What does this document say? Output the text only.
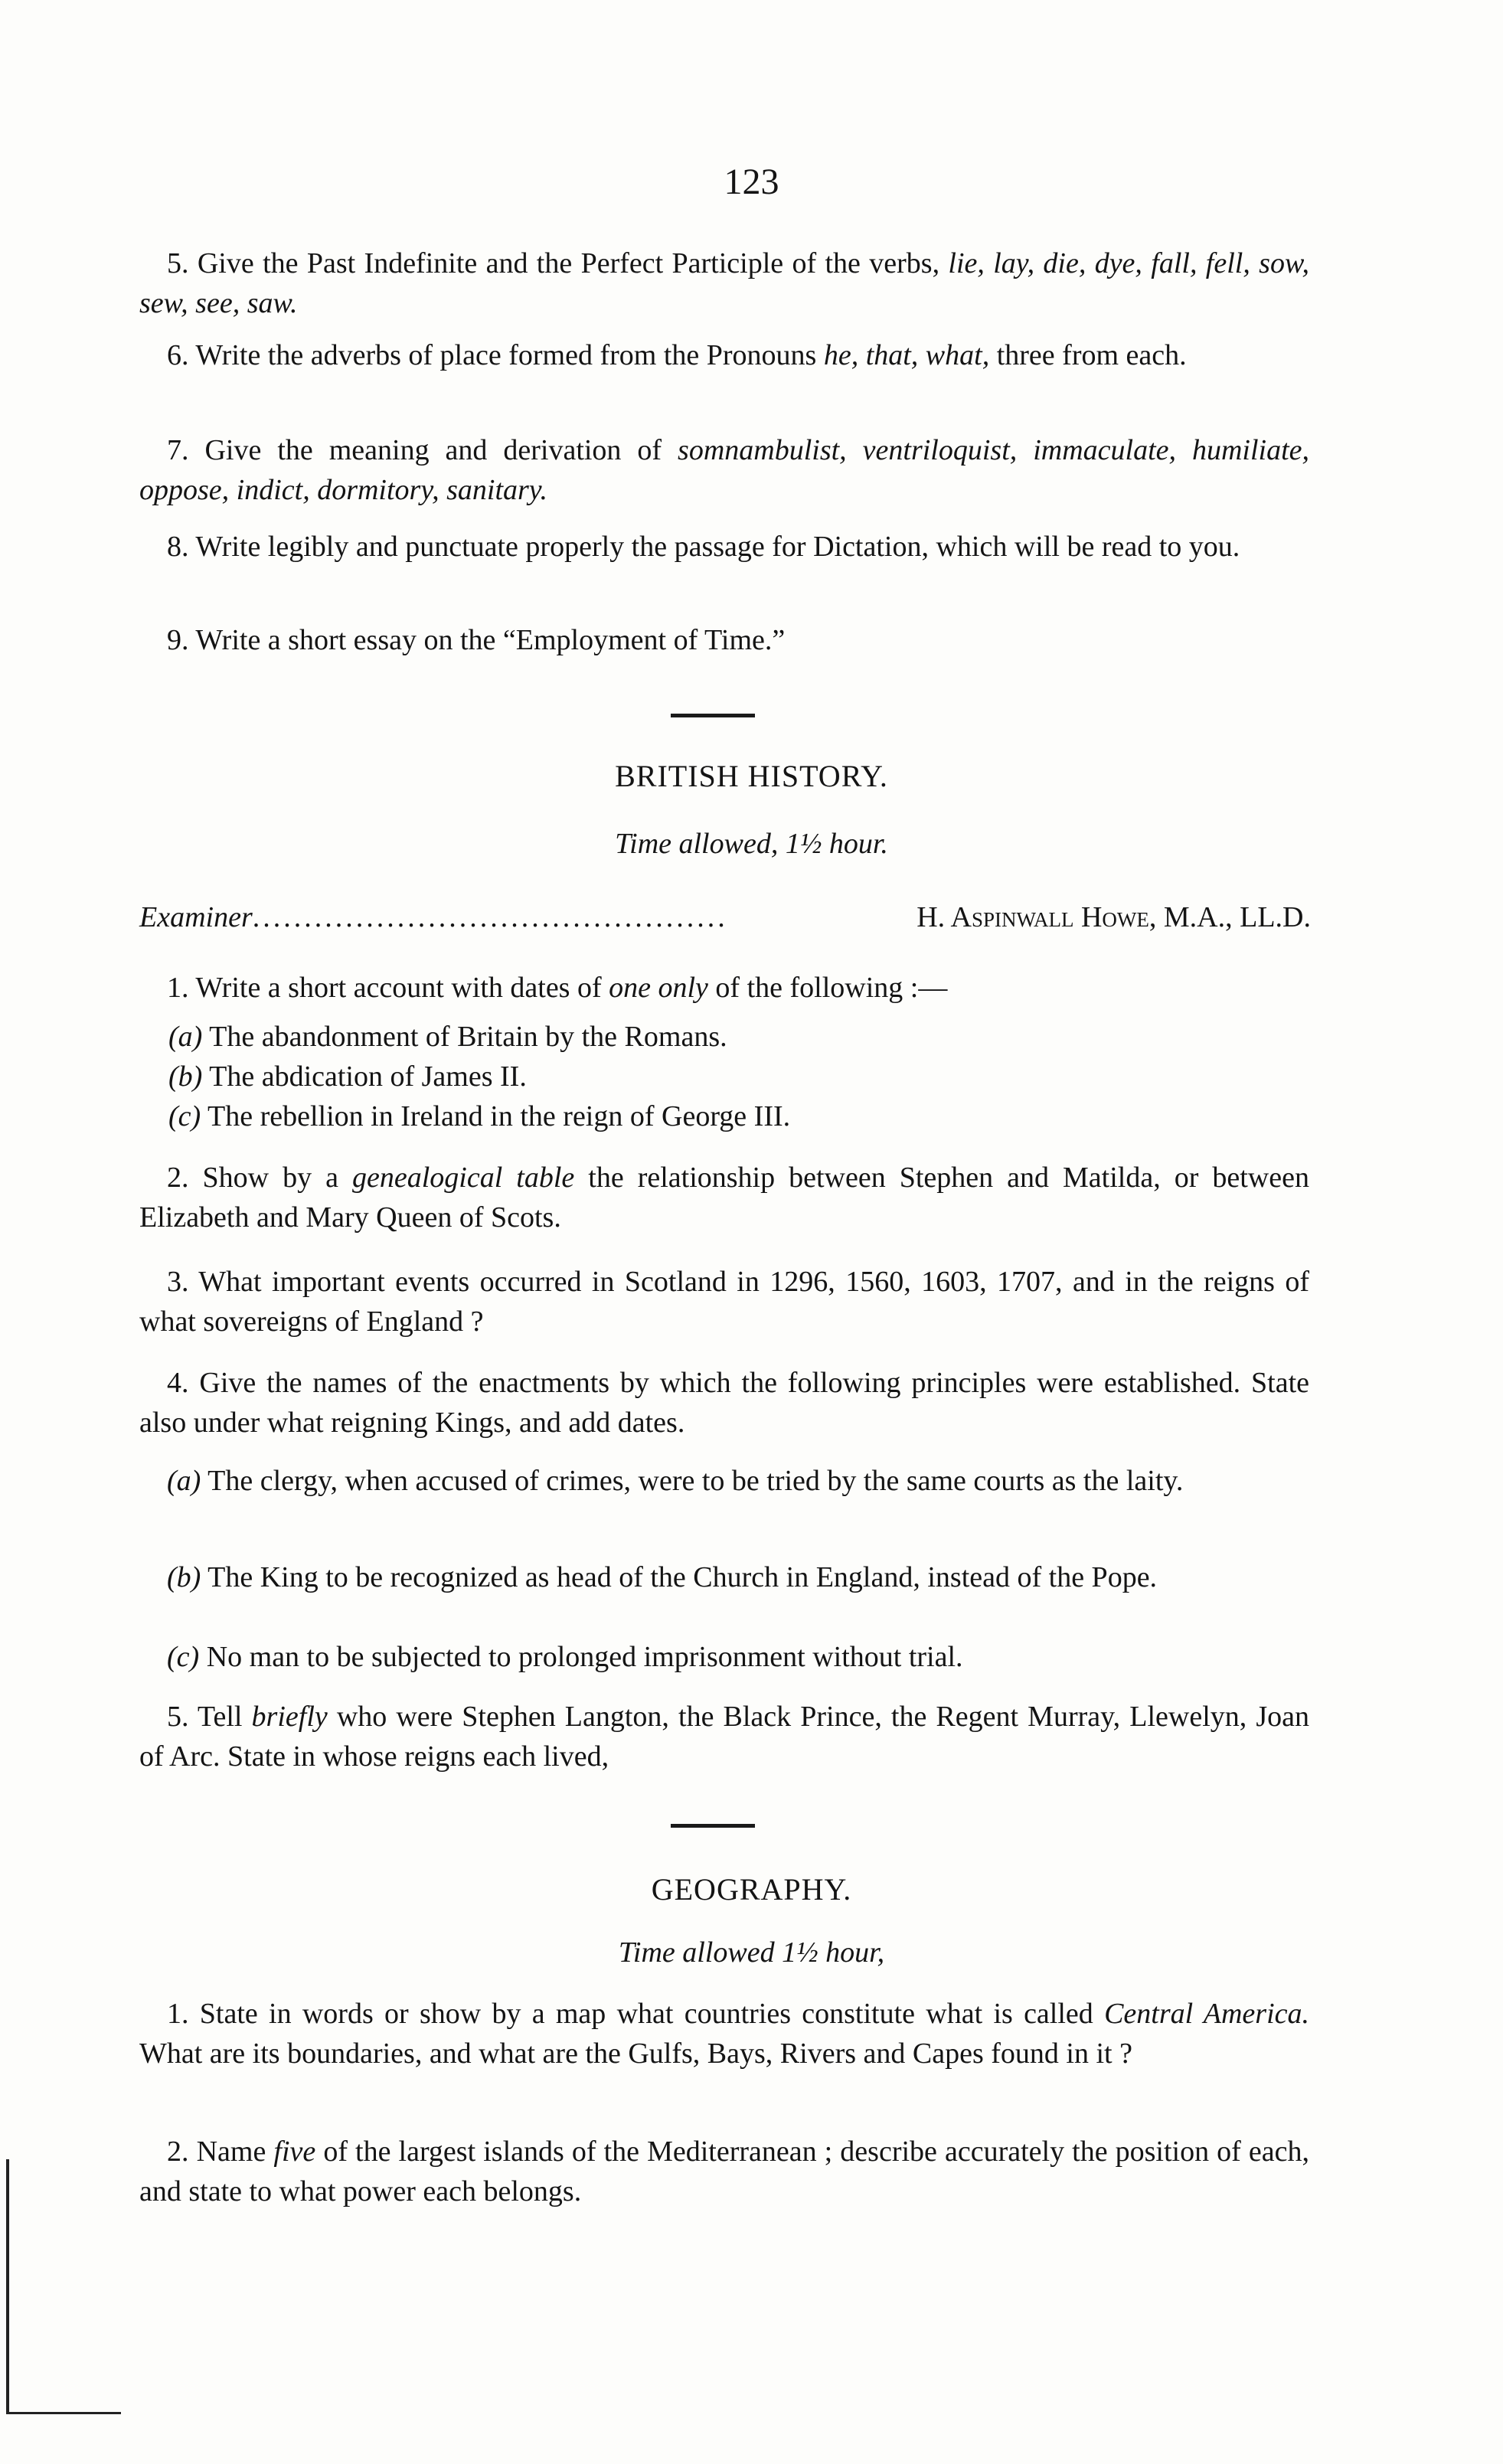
123

5. Give the Past Indefinite and the Perfect Participle of the verbs, lie, lay, die, dye, fall, fell, sow, sew, see, saw.

6. Write the adverbs of place formed from the Pronouns he, that, what, three from each.

7. Give the meaning and derivation of somnambulist, ventriloquist, immaculate, humiliate, oppose, indict, dormitory, sanitary.

8. Write legibly and punctuate properly the passage for Dictation, which will be read to you.

9. Write a short essay on the “Employment of Time.”

BRITISH HISTORY.
Time allowed, 1½ hour.
Examiner ..............................................	H. Aspinwall Howe, M.A., LL.D.

1. Write a short account with dates of one only of the following :—

(a) The abandonment of Britain by the Romans.

(b) The abdication of James II.

(c) The rebellion in Ireland in the reign of George III.

2. Show by a genealogical table the relationship between Stephen and Matilda, or between Elizabeth and Mary Queen of Scots.

3. What important events occurred in Scotland in 1296, 1560, 1603, 1707, and in the reigns of what sovereigns of England ?

4. Give the names of the enactments by which the following principles were established. State also under what reigning Kings, and add dates.

(a) The clergy, when accused of crimes, were to be tried by the same courts as the laity.

(b) The King to be recognized as head of the Church in England, instead of the Pope.

(c) No man to be subjected to prolonged imprisonment without trial.

5. Tell briefly who were Stephen Langton, the Black Prince, the Regent Murray, Llewelyn, Joan of Arc. State in whose reigns each lived,

GEOGRAPHY.
Time allowed 1½ hour,

1. State in words or show by a map what countries constitute what is called Central America. What are its boundaries, and what are the Gulfs, Bays, Rivers and Capes found in it ?

2. Name five of the largest islands of the Mediterranean ; describe accurately the position of each, and state to what power each belongs.
